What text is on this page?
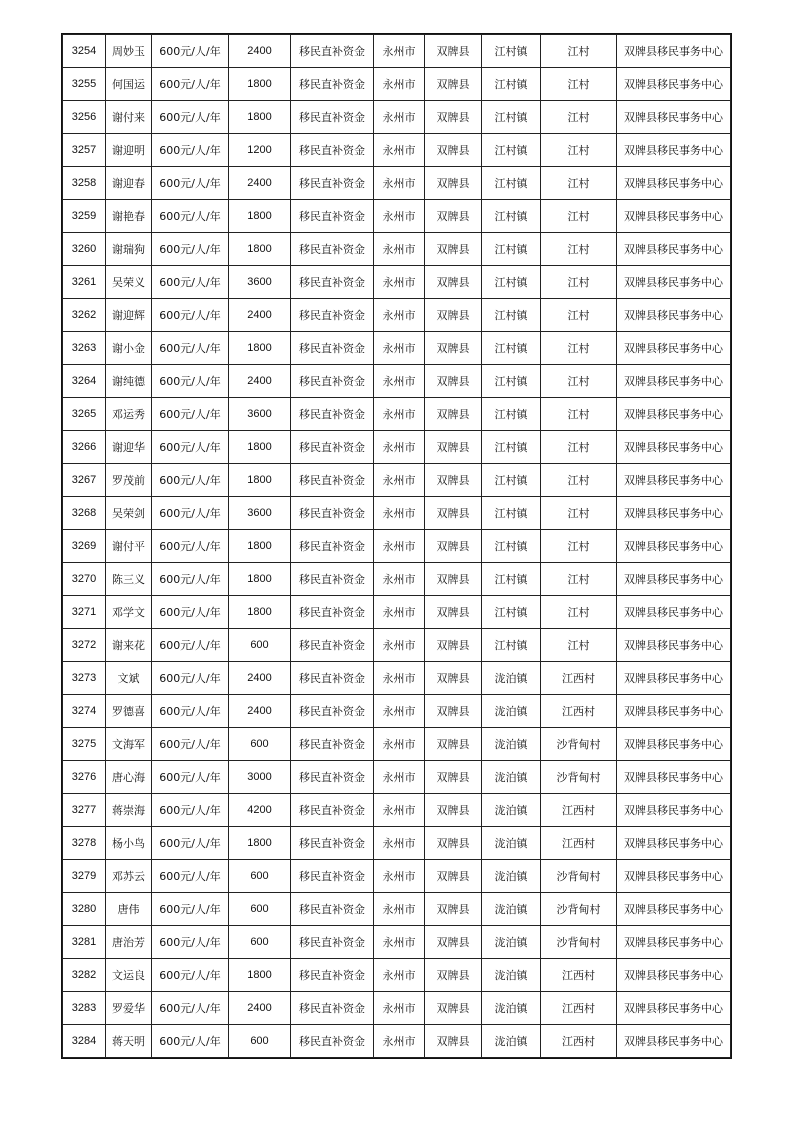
3254	周妙玉	600元/人/年	2400	移民直补资金	永州市	双牌县	江村镇	江村	双牌县移民事务中心
3255	何国运	600元/人/年	1800	移民直补资金	永州市	双牌县	江村镇	江村	双牌县移民事务中心
3256	谢付来	600元/人/年	1800	移民直补资金	永州市	双牌县	江村镇	江村	双牌县移民事务中心
3257	谢迎明	600元/人/年	1200	移民直补资金	永州市	双牌县	江村镇	江村	双牌县移民事务中心
3258	谢迎春	600元/人/年	2400	移民直补资金	永州市	双牌县	江村镇	江村	双牌县移民事务中心
3259	谢艳春	600元/人/年	1800	移民直补资金	永州市	双牌县	江村镇	江村	双牌县移民事务中心
3260	谢瑞狗	600元/人/年	1800	移民直补资金	永州市	双牌县	江村镇	江村	双牌县移民事务中心
3261	吴荣义	600元/人/年	3600	移民直补资金	永州市	双牌县	江村镇	江村	双牌县移民事务中心
3262	谢迎辉	600元/人/年	2400	移民直补资金	永州市	双牌县	江村镇	江村	双牌县移民事务中心
3263	谢小金	600元/人/年	1800	移民直补资金	永州市	双牌县	江村镇	江村	双牌县移民事务中心
3264	谢纯德	600元/人/年	2400	移民直补资金	永州市	双牌县	江村镇	江村	双牌县移民事务中心
3265	邓运秀	600元/人/年	3600	移民直补资金	永州市	双牌县	江村镇	江村	双牌县移民事务中心
3266	谢迎华	600元/人/年	1800	移民直补资金	永州市	双牌县	江村镇	江村	双牌县移民事务中心
3267	罗茂前	600元/人/年	1800	移民直补资金	永州市	双牌县	江村镇	江村	双牌县移民事务中心
3268	吴荣剑	600元/人/年	3600	移民直补资金	永州市	双牌县	江村镇	江村	双牌县移民事务中心
3269	谢付平	600元/人/年	1800	移民直补资金	永州市	双牌县	江村镇	江村	双牌县移民事务中心
3270	陈三义	600元/人/年	1800	移民直补资金	永州市	双牌县	江村镇	江村	双牌县移民事务中心
3271	邓学文	600元/人/年	1800	移民直补资金	永州市	双牌县	江村镇	江村	双牌县移民事务中心
3272	谢来花	600元/人/年	600	移民直补资金	永州市	双牌县	江村镇	江村	双牌县移民事务中心
3273	文斌	600元/人/年	2400	移民直补资金	永州市	双牌县	泷泊镇	江西村	双牌县移民事务中心
3274	罗德喜	600元/人/年	2400	移民直补资金	永州市	双牌县	泷泊镇	江西村	双牌县移民事务中心
3275	文海军	600元/人/年	600	移民直补资金	永州市	双牌县	泷泊镇	沙背甸村	双牌县移民事务中心
3276	唐心海	600元/人/年	3000	移民直补资金	永州市	双牌县	泷泊镇	沙背甸村	双牌县移民事务中心
3277	蒋崇海	600元/人/年	4200	移民直补资金	永州市	双牌县	泷泊镇	江西村	双牌县移民事务中心
3278	杨小鸟	600元/人/年	1800	移民直补资金	永州市	双牌县	泷泊镇	江西村	双牌县移民事务中心
3279	邓苏云	600元/人/年	600	移民直补资金	永州市	双牌县	泷泊镇	沙背甸村	双牌县移民事务中心
3280	唐伟	600元/人/年	600	移民直补资金	永州市	双牌县	泷泊镇	沙背甸村	双牌县移民事务中心
3281	唐治芳	600元/人/年	600	移民直补资金	永州市	双牌县	泷泊镇	沙背甸村	双牌县移民事务中心
3282	文运良	600元/人/年	1800	移民直补资金	永州市	双牌县	泷泊镇	江西村	双牌县移民事务中心
3283	罗爱华	600元/人/年	2400	移民直补资金	永州市	双牌县	泷泊镇	江西村	双牌县移民事务中心
3284	蒋天明	600元/人/年	600	移民直补资金	永州市	双牌县	泷泊镇	江西村	双牌县移民事务中心
